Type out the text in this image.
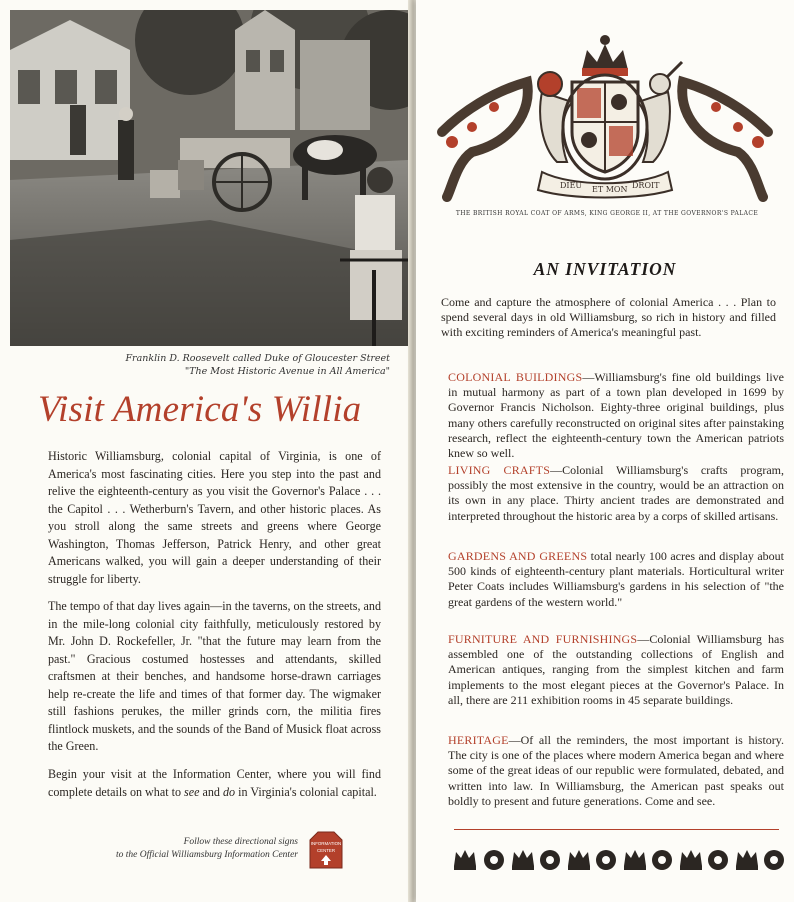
Franklin D. Roosevelt called Duke of Gloucester Street
"The Most Historic Avenue in All America"
Visit America's Willia

Historic Williamsburg, colonial capital of Virginia, is one of America's most fascinating cities. Here you step into the past and relive the eighteenth-century as you visit the Governor's Palace . . . the Capitol . . . Wetherburn's Tavern, and other historic places. As you stroll along the same streets and greens where George Washington, Thomas Jefferson, Patrick Henry, and other great Americans walked, you will gain a deeper understanding of their struggle for liberty.

The tempo of that day lives again—in the taverns, on the streets, and in the mile-long colonial city faithfully, meticulously restored by Mr. John D. Rockefeller, Jr. "that the future may learn from the past." Gracious costumed hostesses and attendants, skilled craftsmen at their benches, and handsome horse-drawn carriages help re-create the life and times of that former day. The wigmaker still fashions perukes, the miller grinds corn, the militia fires flintlock muskets, and the sounds of the Band of Musick float across the Green.

Begin your visit at the Information Center, where you will find complete details on what to see and do in Virginia's colonial capital.

Follow these directional signs
to the Official Williamsburg Information Center
INFORMATION
CENTER
DIEU ET MON DROIT
THE BRITISH ROYAL COAT OF ARMS, KING GEORGE II, AT THE GOVERNOR'S PALACE
AN INVITATION
Come and capture the atmosphere of colonial America . . . Plan to spend several days in old Williamsburg, so rich in history and filled with exciting reminders of America's meaningful past.
COLONIAL BUILDINGS—Williamsburg's fine old buildings live in mutual harmony as part of a town plan developed in 1699 by Governor Francis Nicholson. Eighty-three original buildings, plus many others carefully reconstructed on original sites after painstaking research, reflect the eighteenth-century town the American patriots knew so well.
LIVING CRAFTS—Colonial Williamsburg's crafts program, possibly the most extensive in the country, would be an attraction on its own in any place. Thirty ancient trades are demonstrated and interpreted throughout the historic area by a corps of skilled artisans.
GARDENS AND GREENS total nearly 100 acres and display about 500 kinds of eighteenth-century plant materials. Horticultural writer Peter Coats includes Williamsburg's gardens in his selection of "the great gardens of the western world."
FURNITURE AND FURNISHINGS—Colonial Williamsburg has assembled one of the outstanding collections of English and American antiques, ranging from the simplest kitchen and farm implements to the most elegant pieces at the Governor's Palace. In all, there are 211 exhibition rooms in 45 separate buildings.
HERITAGE—Of all the reminders, the most important is history. The city is one of the places where modern America began and where some of the great ideas of our republic were formulated, debated, and written into law. In Williamsburg, the American past speaks out boldly to present and future generations. Come and see.
